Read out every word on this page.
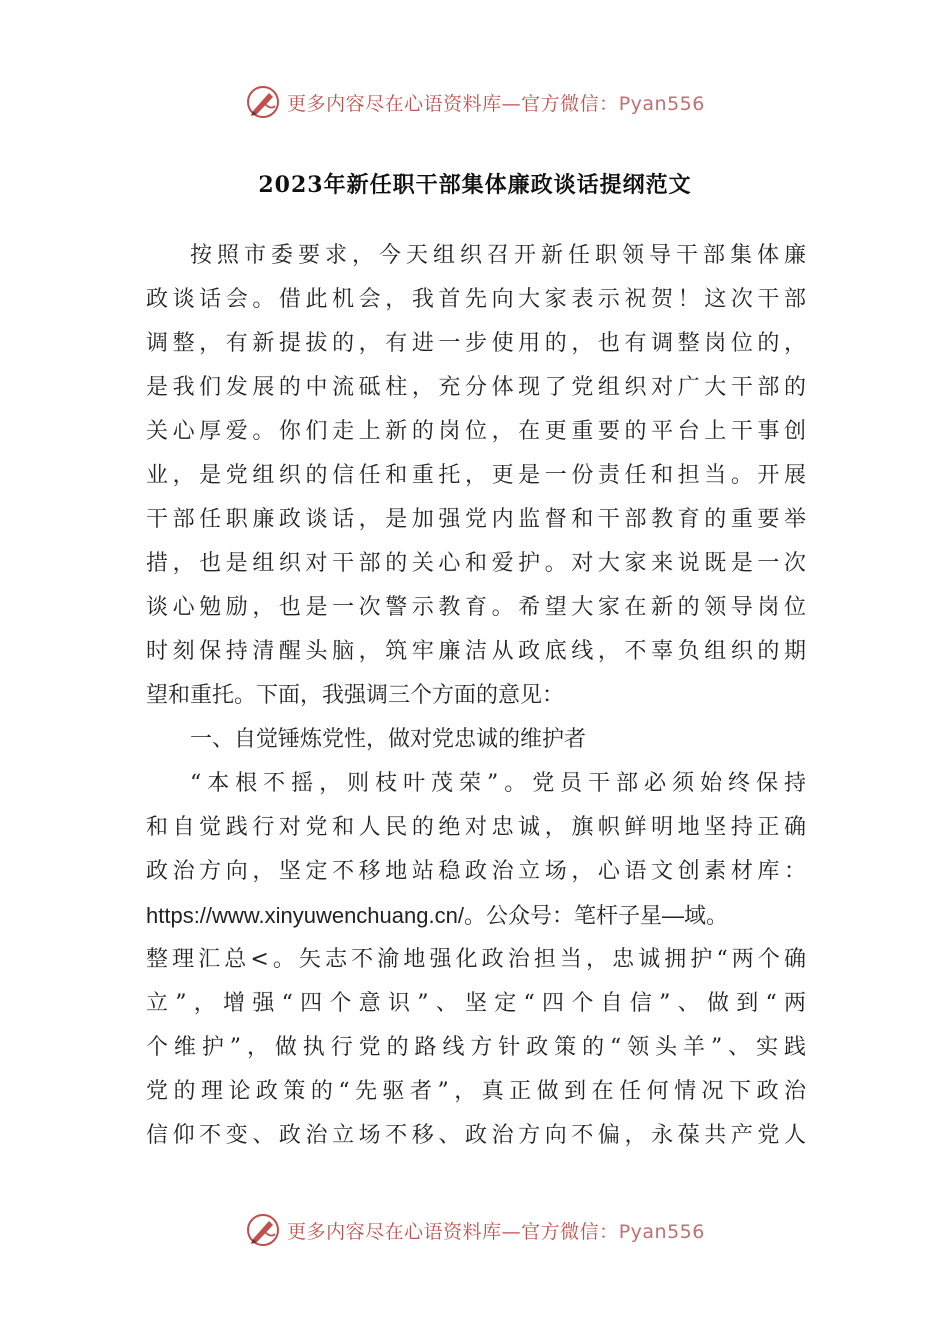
更多内容尽在心语资料库—官方微信：Pyan556
2023年新任职干部集体廉政谈话提纲范文
按照市委要求，今天组织召开新任职领导干部集体廉
政谈话会。借此机会，我首先向大家表示祝贺！这次干部
调整，有新提拔的，有进一步使用的，也有调整岗位的，
是我们发展的中流砥柱，充分体现了党组织对广大干部的
关心厚爱。你们走上新的岗位，在更重要的平台上干事创
业，是党组织的信任和重托，更是一份责任和担当。开展
干部任职廉政谈话，是加强党内监督和干部教育的重要举
措，也是组织对干部的关心和爱护。对大家来说既是一次
谈心勉励，也是一次警示教育。希望大家在新的领导岗位
时刻保持清醒头脑，筑牢廉洁从政底线，不辜负组织的期
望和重托。下面，我强调三个方面的意见：
一、自觉锤炼党性，做对党忠诚的维护者
“本根不摇，则枝叶茂荣”。党员干部必须始终保持
和自觉践行对党和人民的绝对忠诚，旗帜鲜明地坚持正确
政治方向，坚定不移地站稳政治立场，心语文创素材库：
https://www.xinyuwenchuang.cn/。公众号：笔杆子星—域。
整理汇总<。矢志不渝地强化政治担当，忠诚拥护“两个确
立”，增强“四个意识”、坚定“四个自信”、做到“两
个维护”，做执行党的路线方针政策的“领头羊”、实践
党的理论政策的“先驱者”，真正做到在任何情况下政治
信仰不变、政治立场不移、政治方向不偏，永葆共产党人
更多内容尽在心语资料库—官方微信：Pyan556
